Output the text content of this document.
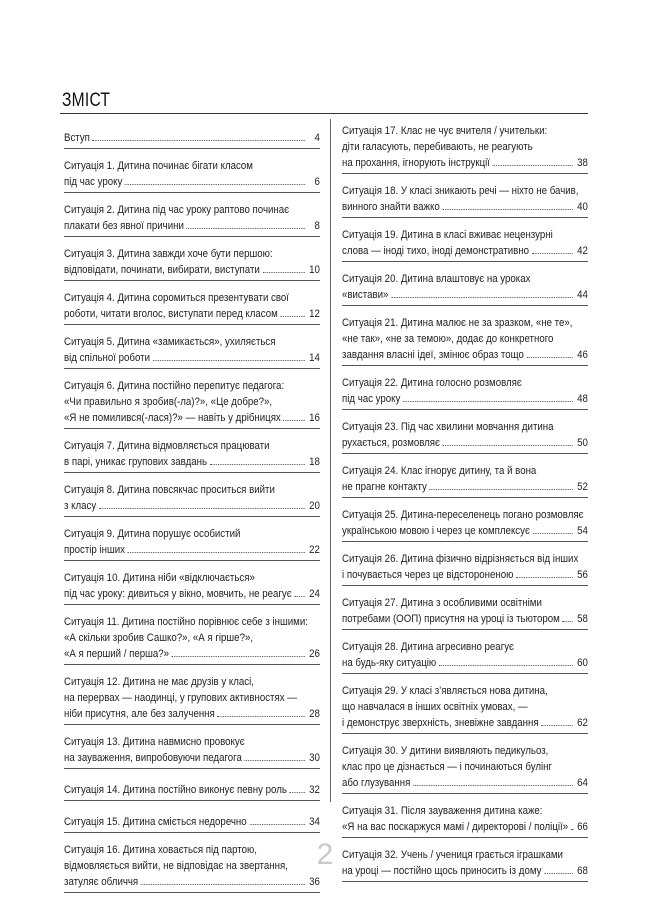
ЗМІСТ
Вступ	4
Ситуація 1. Дитина починає бігати класом
під час уроку	6
Ситуація 2. Дитина під час уроку раптово починає
плакати без явної причини	8
Ситуація 3. Дитина завжди хоче бути першою:
відповідати, починати, вибирати, виступати	10
Ситуація 4. Дитина соромиться презентувати свої
роботи, читати вголос, виступати перед класом	12
Ситуація 5. Дитина «замикається», ухиляється
від спільної роботи	14
Ситуація 6. Дитина постійно перепитує педагога:
«Чи правильно я зробив(-ла)?», «Це добре?»,
«Я не помилився(-лася)?» — навіть у дрібницях	16
Ситуація 7. Дитина відмовляється працювати
в парі, уникає групових завдань	18
Ситуація 8. Дитина повсякчас проситься вийти
з класу	20
Ситуація 9. Дитина порушує особистий
простір інших	22
Ситуація 10. Дитина ніби «відключається»
під час уроку: дивиться у вікно, мовчить, не реагує 24
Ситуація 11. Дитина постійно порівнює себе з іншими:
«А скільки зробив Сашко?», «А я гірше?»,
«А я перший / перша?»	26
Ситуація 12. Дитина не має друзів у класі,
на перервах — наодинці, у групових активностях —
ніби присутня, але без залучення	28
Ситуація 13. Дитина навмисно провокує
на зауваження, випробовуючи педагога	30
Ситуація 14. Дитина постійно виконує певну роль 32
Ситуація 15. Дитина сміється недоречно	34
Ситуація 16. Дитина ховається під партою,
відмовляється вийти, не відповідає на звертання,
затуляє обличчя	36
Ситуація 17. Клас не чує вчителя / учительки:
діти галасують, перебивають, не реагують
на прохання, ігнорують інструкції	38
Ситуація 18. У класі зникають речі — ніхто не бачив,
винного знайти важко	40
Ситуація 19. Дитина в класі вживає нецензурні
слова — іноді тихо, іноді демонстративно	42
Ситуація 20. Дитина влаштовує на уроках
«вистави»	44
Ситуація 21. Дитина малює не за зразком, «не те»,
«не так», «не за темою», додає до конкретного
завдання власні ідеї, змінює образ тощо	46
Ситуація 22. Дитина голосно розмовляє
під час уроку	48
Ситуація 23. Під час хвилини мовчання дитина
рухається, розмовляє	50
Ситуація 24. Клас ігнорує дитину, та й вона
не прагне контакту	52
Ситуація 25. Дитина-переселенець погано розмовляє
українською мовою і через це комплексує	54
Ситуація 26. Дитина фізично відрізняється від інших
і почувається через це відстороненою	56
Ситуація 27. Дитина з особливими освітніми
потребами (ООП) присутня на уроці із тьютором 58
Ситуація 28. Дитина агресивно реагує
на будь-яку ситуацію	60
Ситуація 29. У класі з’являється нова дитина,
що навчалася в інших освітніх умовах, —
і демонструє зверхність, зневіжне завдання	62
Ситуація 30. У дитини виявляють педикульоз,
клас про це дізнається — і починаються булінг
або глузування	64
Ситуація 31. Після зауваження дитина каже:
«Я на вас поскаржуся мамі / директорові / поліції» 66
Ситуація 32. Учень / учениця грається іграшками
на уроці — постійно щось приносить із дому	68
2
